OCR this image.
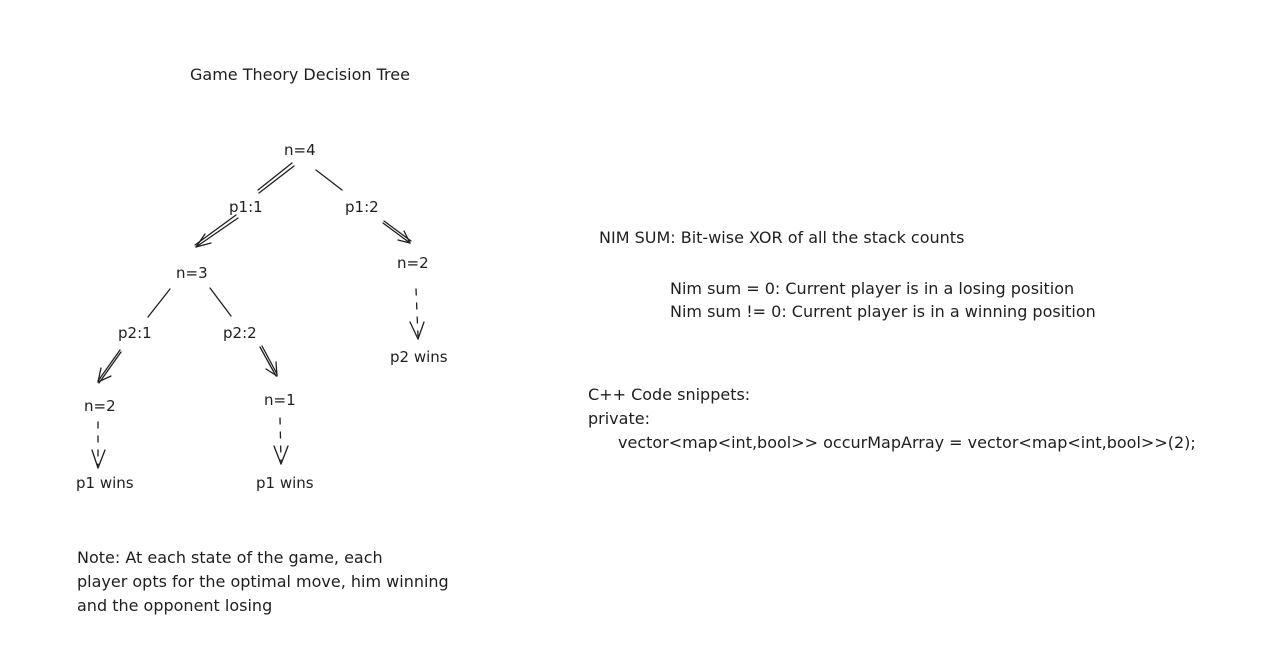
Game Theory Decision Tree
n=4
p1:1	p1:2
n=3
n=2
p2:1	p2:2
p2 wins
n=2	n=1
p1 wins	p1 wins
Note: At each state of the game, each
player opts for the optimal move, him winning
and the opponent losing
NIM SUM: Bit-wise XOR of all the stack counts
Nim sum = 0: Current player is in a losing position
Nim sum != 0: Current player is in a winning position
C++ Code snippets:
private:
vector<map<int,bool>> occurMapArray = vector<map<int,bool>>(2);
